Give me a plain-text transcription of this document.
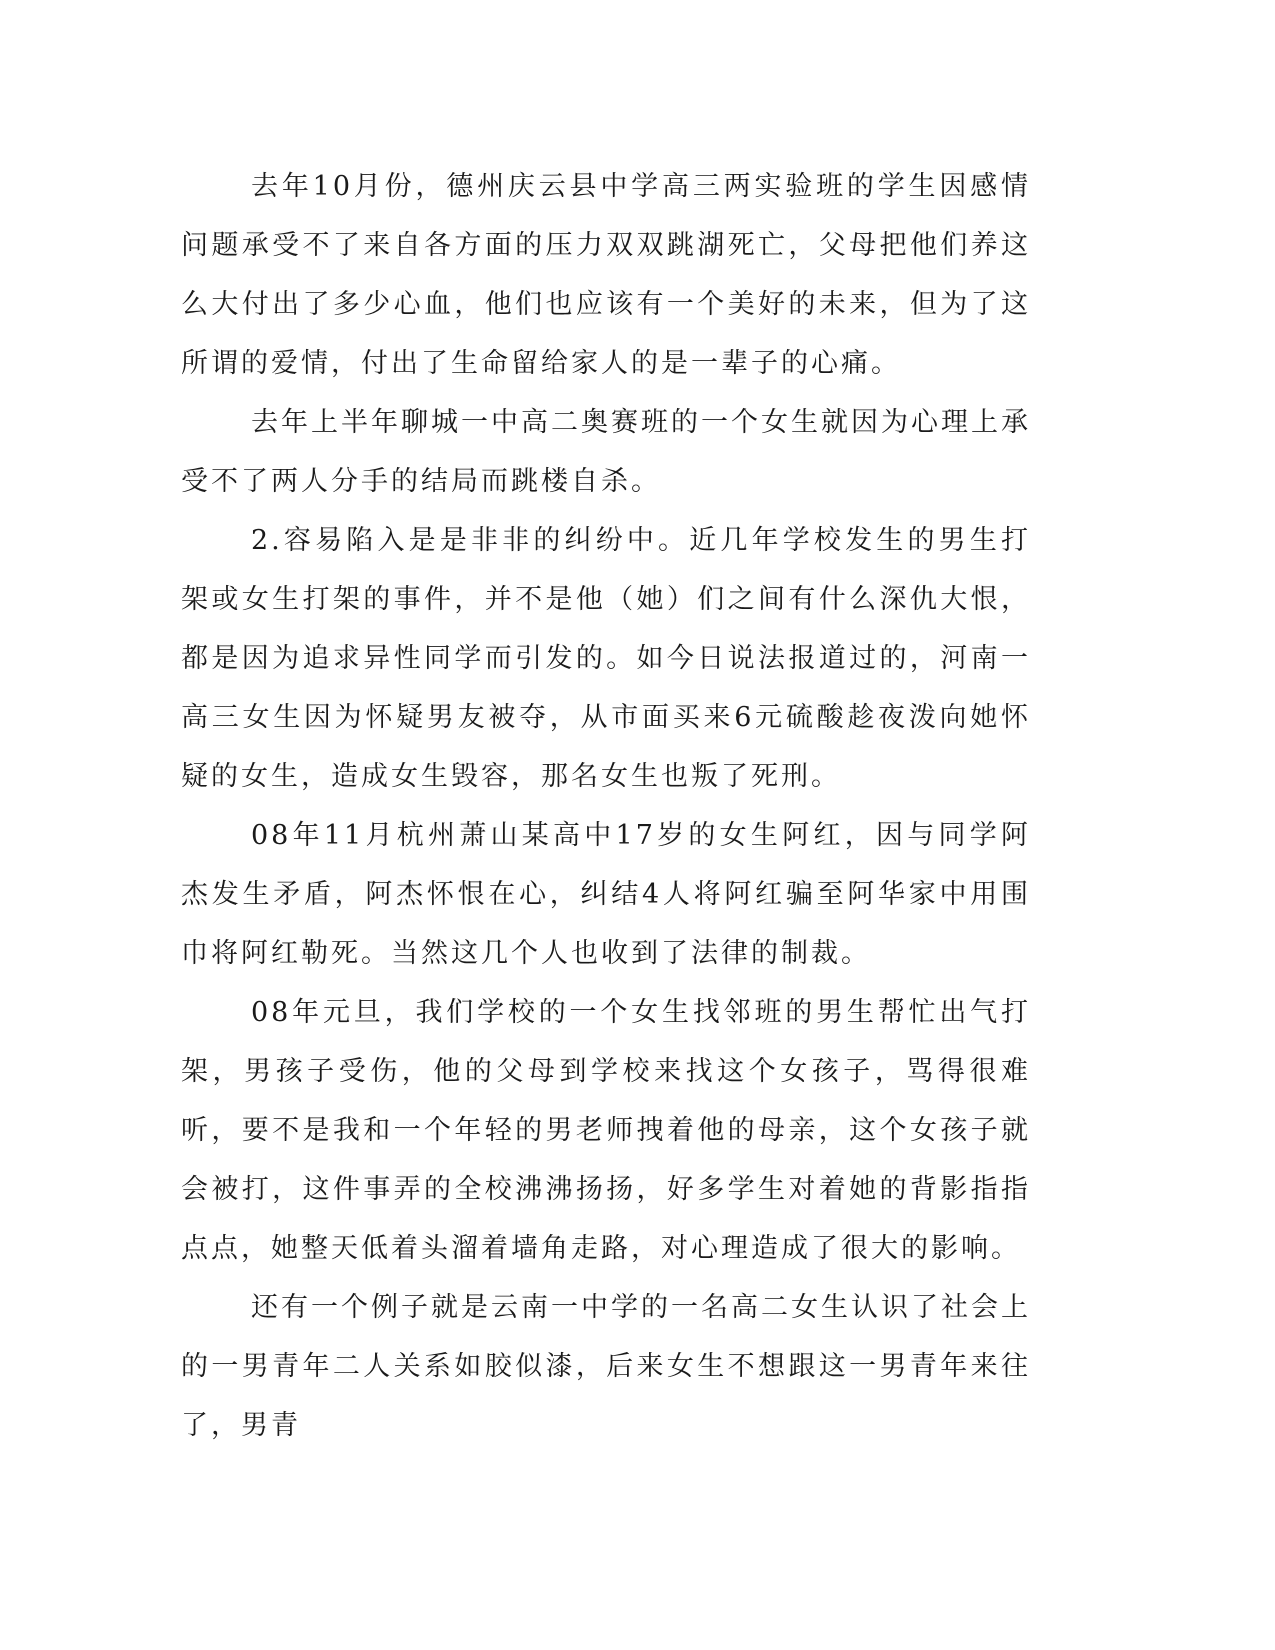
去年10月份，德州庆云县中学高三两实验班的学生因感情问题承受不了来自各方面的压力双双跳湖死亡，父母把他们养这么大付出了多少心血，他们也应该有一个美好的未来，但为了这所谓的爱情，付出了生命留给家人的是一辈子的心痛。

去年上半年聊城一中高二奥赛班的一个女生就因为心理上承受不了两人分手的结局而跳楼自杀。

2.容易陷入是是非非的纠纷中。近几年学校发生的男生打架或女生打架的事件，并不是他（她）们之间有什么深仇大恨，都是因为追求异性同学而引发的。如今日说法报道过的，河南一高三女生因为怀疑男友被夺，从市面买来6元硫酸趁夜泼向她怀疑的女生，造成女生毁容，那名女生也叛了死刑。

08年11月杭州萧山某高中17岁的女生阿红，因与同学阿杰发生矛盾，阿杰怀恨在心，纠结4人将阿红骗至阿华家中用围巾将阿红勒死。当然这几个人也收到了法律的制裁。

08年元旦，我们学校的一个女生找邻班的男生帮忙出气打架，男孩子受伤，他的父母到学校来找这个女孩子，骂得很难听，要不是我和一个年轻的男老师拽着他的母亲，这个女孩子就会被打，这件事弄的全校沸沸扬扬，好多学生对着她的背影指指点点，她整天低着头溜着墙角走路，对心理造成了很大的影响。

还有一个例子就是云南一中学的一名高二女生认识了社会上的一男青年二人关系如胶似漆，后来女生不想跟这一男青年来往了，男青
